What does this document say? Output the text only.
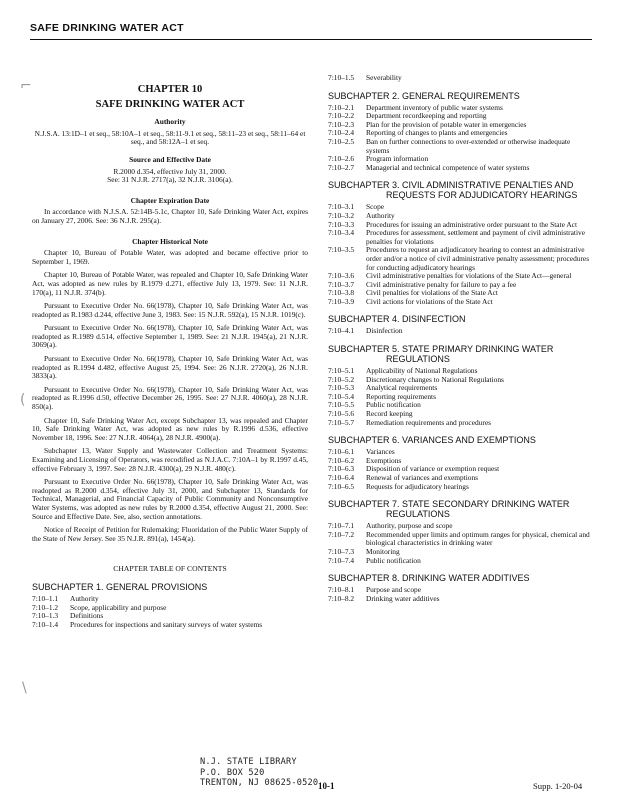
SAFE DRINKING WATER ACT
⌐
(
\
CHAPTER 10
SAFE DRINKING WATER ACT
Authority
N.J.S.A. 13:1D–1 et seq., 58:10A–1 et seq., 58:11-9.1 et seq., 58:11–23 et seq., 58:11–64 et seq., and 58:12A–1 et seq.
Source and Effective Date
R.2000 d.354, effective July 31, 2000.
See: 31 N.J.R. 2717(a), 32 N.J.R. 3106(a).
Chapter Expiration Date
In accordance with N.J.S.A. 52:14B-5.1c, Chapter 10, Safe Drinking Water Act, expires on January 27, 2006. See: 36 N.J.R. 295(a).
Chapter Historical Note
Chapter 10, Bureau of Potable Water, was adopted and became effective prior to September 1, 1969.
Chapter 10, Bureau of Potable Water, was repealed and Chapter 10, Safe Drinking Water Act, was adopted as new rules by R.1979 d.271, effective July 13, 1979. See: 11 N.J.R. 170(a), 11 N.J.R. 374(b).
Pursuant to Executive Order No. 66(1978), Chapter 10, Safe Drinking Water Act, was readopted as R.1983 d.244, effective June 3, 1983. See: 15 N.J.R. 592(a), 15 N.J.R. 1019(c).
Pursuant to Executive Order No. 66(1978), Chapter 10, Safe Drinking Water Act, was readopted as R.1989 d.514, effective September 1, 1989. See: 21 N.J.R. 1945(a), 21 N.J.R. 3069(a).
Pursuant to Executive Order No. 66(1978), Chapter 10, Safe Drinking Water Act, was readopted as R.1994 d.482, effective August 25, 1994. See: 26 N.J.R. 2720(a), 26 N.J.R. 3833(a).
Pursuant to Executive Order No. 66(1978), Chapter 10, Safe Drinking Water Act, was readopted as R.1996 d.50, effective December 26, 1995. See: 27 N.J.R. 4060(a), 28 N.J.R. 850(a).
Chapter 10, Safe Drinking Water Act, except Subchapter 13, was repealed and Chapter 10, Safe Drinking Water Act, was adopted as new rules by R.1996 d.536, effective November 18, 1996. See: 27 N.J.R. 4064(a), 28 N.J.R. 4900(a).
Subchapter 13, Water Supply and Wastewater Collection and Treatment Systems: Examining and Licensing of Operators, was recodified as N.J.A.C. 7:10A–1 by R.1997 d.45, effective February 3, 1997. See: 28 N.J.R. 4300(a), 29 N.J.R. 480(c).
Pursuant to Executive Order No. 66(1978), Chapter 10, Safe Drinking Water Act, was readopted as R.2000 d.354, effective July 31, 2000, and Subchapter 13, Standards for Technical, Managerial, and Financial Capacity of Public Community and Nonconsumptive Water Systems, was adopted as new rules by R.2000 d.354, effective August 21, 2000. See: Source and Effective Date. See, also, section annotations.
Notice of Receipt of Petition for Rulemaking: Fluoridation of the Public Water Supply of the State of New Jersey. See 35 N.J.R. 891(a), 1454(a).
CHAPTER TABLE OF CONTENTS
SUBCHAPTER 1. GENERAL PROVISIONS
7:10–1.1	Authority
7:10–1.2	Scope, applicability and purpose
7:10–1.3	Definitions
7:10–1.4	Procedures for inspections and sanitary surveys of water systems
7:10–1.5	Severability
SUBCHAPTER 2. GENERAL REQUIREMENTS
7:10–2.1	Department inventory of public water systems
7:10–2.2	Department recordkeeping and reporting
7:10–2.3	Plan for the provision of potable water in emergencies
7:10–2.4	Reporting of changes to plants and emergencies
7:10–2.5	Ban on further connections to over-extended or otherwise inadequate systems
7:10–2.6	Program information
7:10–2.7	Managerial and technical competence of water systems
SUBCHAPTER 3. CIVIL ADMINISTRATIVE PENALTIES AND REQUESTS FOR ADJUDICATORY HEARINGS
7:10–3.1	Scope
7:10–3.2	Authority
7:10–3.3	Procedures for issuing an administrative order pursuant to the State Act
7:10–3.4	Procedures for assessment, settlement and payment of civil administrative penalties for violations
7:10–3.5	Procedures to request an adjudicatory hearing to contest an administrative order and/or a notice of civil administrative penalty assessment; procedures for conducting adjudicatory hearings
7:10–3.6	Civil administrative penalties for violations of the State Act—general
7:10–3.7	Civil administrative penalty for failure to pay a fee
7:10–3.8	Civil penalties for violations of the State Act
7:10–3.9	Civil actions for violations of the State Act
SUBCHAPTER 4. DISINFECTION
7:10–4.1	Disinfection
SUBCHAPTER 5. STATE PRIMARY DRINKING WATER REGULATIONS
7:10–5.1	Applicability of National Regulations
7:10–5.2	Discretionary changes to National Regulations
7:10–5.3	Analytical requirements
7:10–5.4	Reporting requirements
7:10–5.5	Public notification
7:10–5.6	Record keeping
7:10–5.7	Remediation requirements and procedures
SUBCHAPTER 6. VARIANCES AND EXEMPTIONS
7:10–6.1	Variances
7:10–6.2	Exemptions
7:10–6.3	Disposition of variance or exemption request
7:10–6.4	Renewal of variances and exemptions
7:10–6.5	Requests for adjudicatory hearings
SUBCHAPTER 7. STATE SECONDARY DRINKING WATER REGULATIONS
7:10–7.1	Authority, purpose and scope
7:10–7.2	Recommended upper limits and optimum ranges for physical, chemical and biological characteristics in drinking water
7:10–7.3	Monitoring
7:10–7.4	Public notification
SUBCHAPTER 8. DRINKING WATER ADDITIVES
7:10–8.1	Purpose and scope
7:10–8.2	Drinking water additives
N.J. STATE LIBRARY
P.O. BOX 520
TRENTON, NJ 08625-0520 10-1	Supp. 1-20-04
